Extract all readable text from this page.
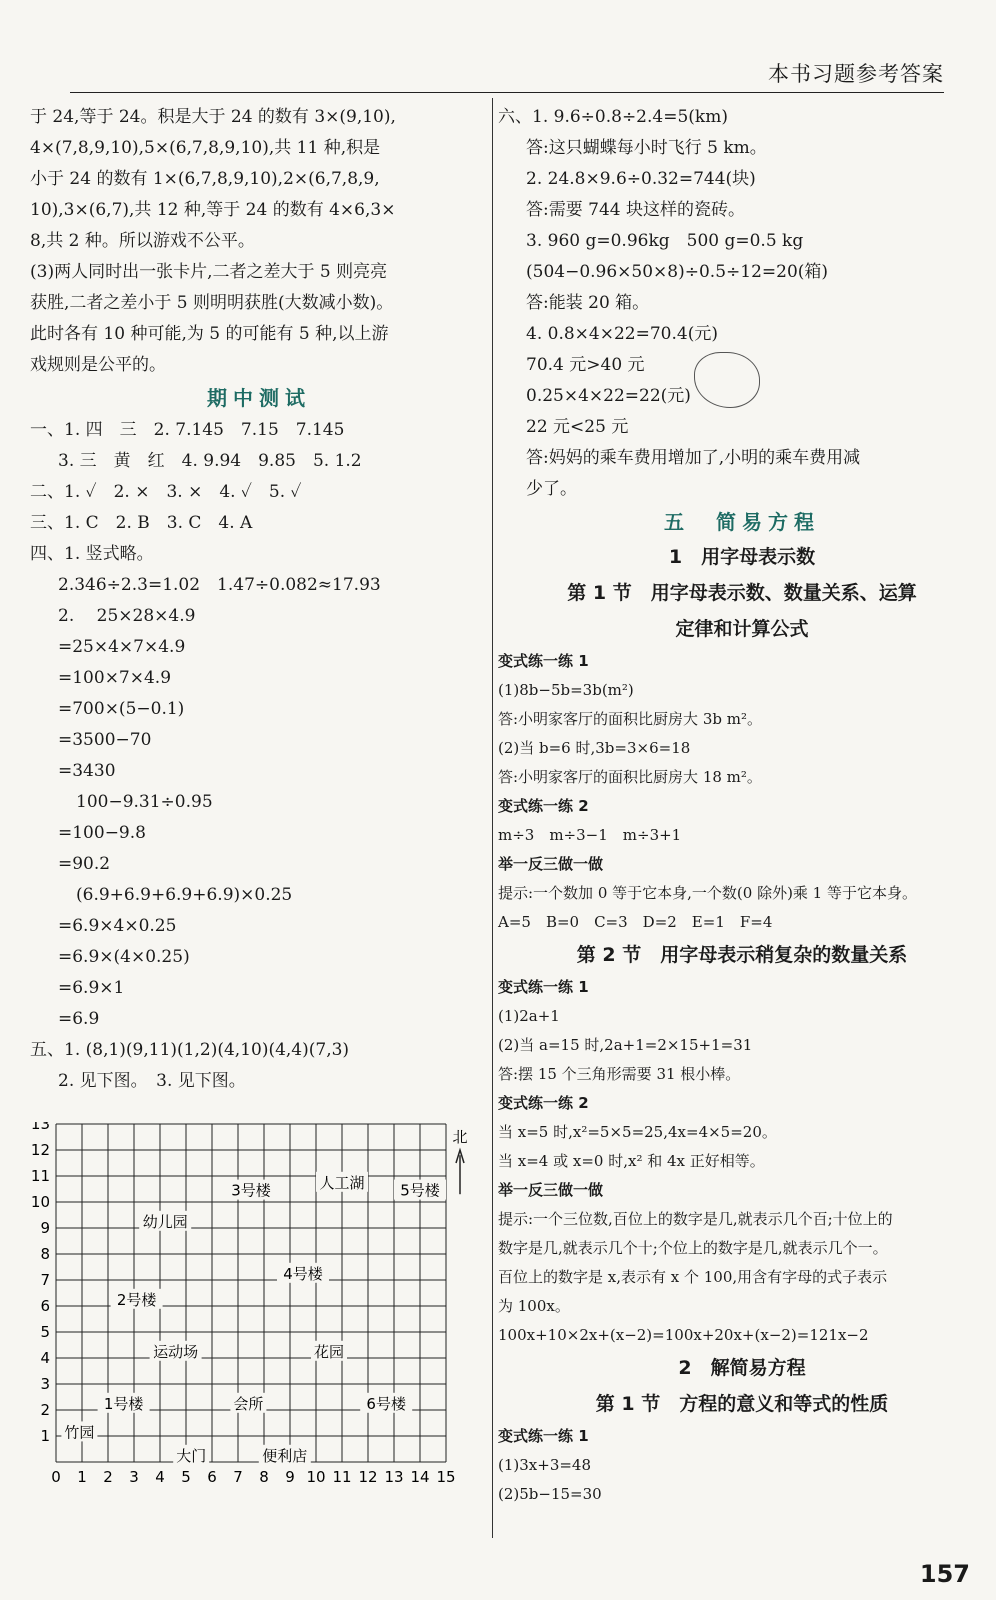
本书习题参考答案
于 24,等于 24。积是大于 24 的数有 3×(9,10),
4×(7,8,9,10),5×(6,7,8,9,10),共 11 种,积是
小于 24 的数有 1×(6,7,8,9,10),2×(6,7,8,9,
10),3×(6,7),共 12 种,等于 24 的数有 4×6,3×
8,共 2 种。所以游戏不公平。
(3)两人同时出一张卡片,二者之差大于 5 则亮亮
获胜,二者之差小于 5 则明明获胜(大数减小数)。
此时各有 10 种可能,为 5 的可能有 5 种,以上游
戏规则是公平的。
期中测试
一、1. 四　三　2. 7.145　7.15　7.145
3. 三　黄　红　4. 9.94　9.85　5. 1.2
二、1. ✓　2. ×　3. ×　4. ✓　5. ✓
三、1. C　2. B　3. C　4. A
四、1. 竖式略。
2.346÷2.3=1.02　1.47÷0.082≈17.93
2.　 25×28×4.9
=25×4×7×4.9
=100×7×4.9
=700×(5−0.1)
=3500−70
=3430
100−9.31÷0.95
=100−9.8
=90.2
(6.9+6.9+6.9+6.9)×0.25
=6.9×4×0.25
=6.9×(4×0.25)
=6.9×1
=6.9
五、1. (8,1)(9,11)(1,2)(4,10)(4,4)(7,3)
2. 见下图。　3. 见下图。
0 1 2 3 4 5 6 7 8 9 10 11 12 13 14 15
1
2
3
4
5
6
7
8
9
10
11
12
13
3号楼	人工湖 5号楼
幼儿园
4号楼
2号楼
运动场	花园
1号楼	会所	6号楼
竹园
大门	便利店
北
六、1. 9.6÷0.8÷2.4=5(km)
答:这只蝴蝶每小时飞行 5 km。
2. 24.8×9.6÷0.32=744(块)
答:需要 744 块这样的瓷砖。
3. 960 g=0.96kg　500 g=0.5 kg
(504−0.96×50×8)÷0.5÷12=20(箱)
答:能装 20 箱。
4. 0.8×4×22=70.4(元)
70.4 元>40 元
0.25×4×22=22(元)
22 元<25 元
答:妈妈的乘车费用增加了,小明的乘车费用减
少了。
五　简易方程
1　用字母表示数
第 1 节　用字母表示数、数量关系、运算
定律和计算公式
变式练一练 1
(1)8b−5b=3b(m²)
答:小明家客厅的面积比厨房大 3b m²。
(2)当 b=6 时,3b=3×6=18
答:小明家客厅的面积比厨房大 18 m²。
变式练一练 2
m÷3　m÷3−1　m÷3+1
举一反三做一做
提示:一个数加 0 等于它本身,一个数(0 除外)乘 1 等于它本身。
A=5　B=0　C=3　D=2　E=1　F=4
第 2 节　用字母表示稍复杂的数量关系
变式练一练 1
(1)2a+1
(2)当 a=15 时,2a+1=2×15+1=31
答:摆 15 个三角形需要 31 根小棒。
变式练一练 2
当 x=5 时,x²=5×5=25,4x=4×5=20。
当 x=4 或 x=0 时,x² 和 4x 正好相等。
举一反三做一做
提示:一个三位数,百位上的数字是几,就表示几个百;十位上的
数字是几,就表示几个十;个位上的数字是几,就表示几个一。
百位上的数字是 x,表示有 x 个 100,用含有字母的式子表示
为 100x。
100x+10×2x+(x−2)=100x+20x+(x−2)=121x−2
2　解简易方程
第 1 节　方程的意义和等式的性质
变式练一练 1
(1)3x+3=48
(2)5b−15=30
157
